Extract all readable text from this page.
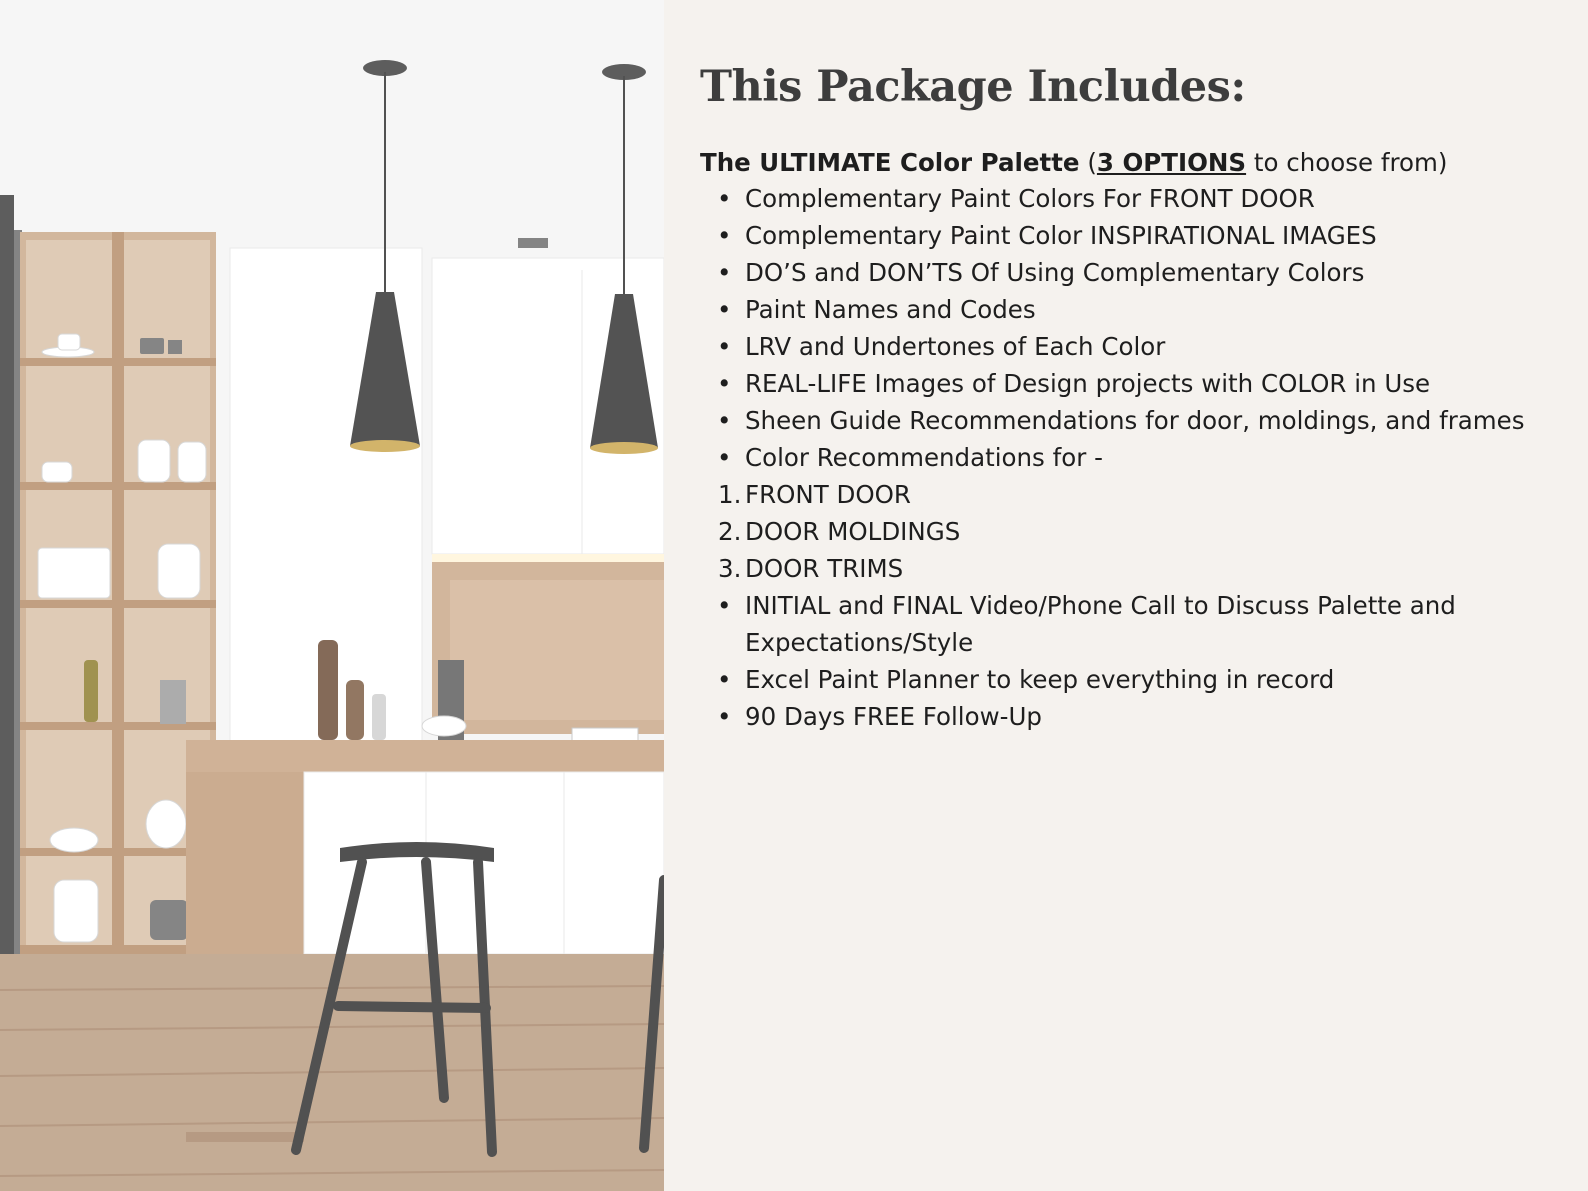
This Package Includes:

The ULTIMATE Color Palette (3 OPTIONS to choose from)

• Complementary Paint Colors For FRONT DOOR
• Complementary Paint Color INSPIRATIONAL IMAGES
• DO’S and DON’TS Of Using Complementary Colors
• Paint Names and Codes
• LRV and Undertones of Each Color
• REAL-LIFE Images of Design projects with COLOR in Use
• Sheen Guide Recommendations for door, moldings, and frames
• Color Recommendations for -
1. FRONT DOOR
2. DOOR MOLDINGS
3. DOOR TRIMS
• INITIAL and FINAL Video/Phone Call to Discuss Palette and Expectations/Style
• Excel Paint Planner to keep everything in record
• 90 Days FREE Follow-Up
